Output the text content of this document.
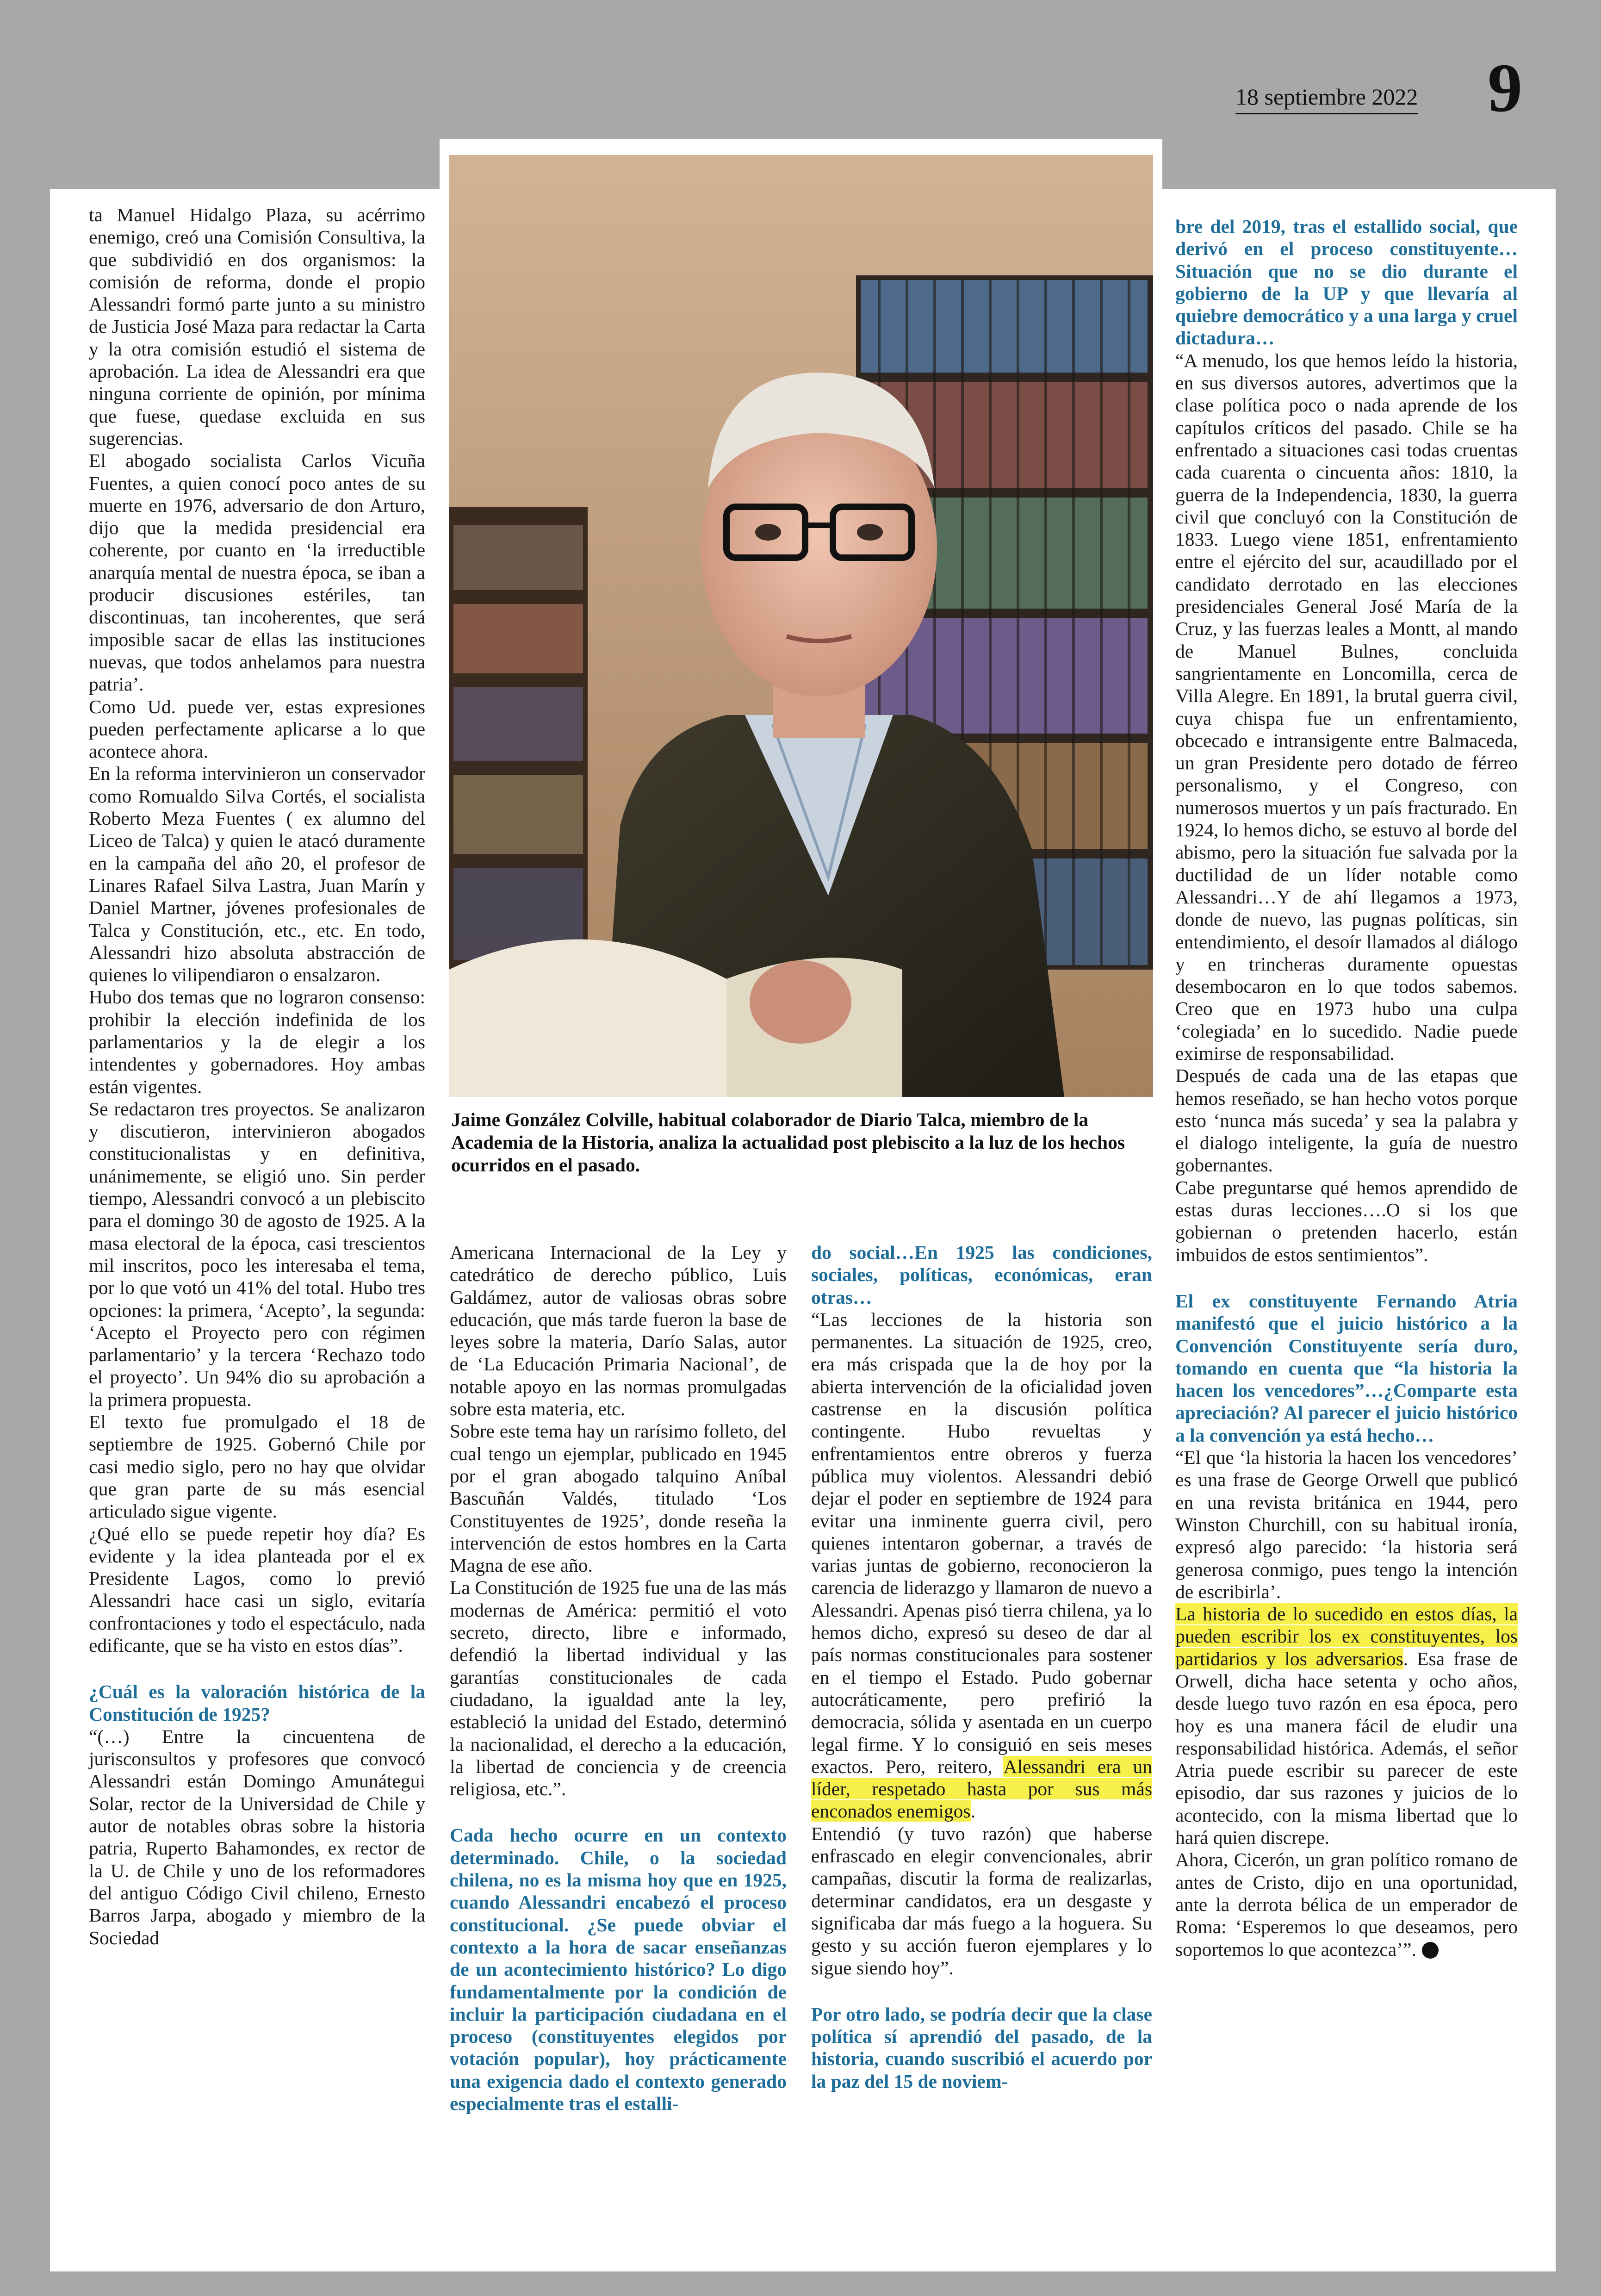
18 septiembre 2022 9
Jaime González Colville, habitual colaborador de Diario Talca, miembro de la Academia de la Historia, analiza la actualidad post plebiscito a la luz de los hechos ocurridos en el pasado.

ta Manuel Hidalgo Plaza, su acérrimo enemigo, creó una Comisión Consultiva, la que subdividió en dos organismos: la comisión de reforma, donde el propio Alessandri formó parte junto a su ministro de Justicia José Maza para redactar la Carta y la otra comisión estudió el sistema de aprobación. La idea de Alessandri era que ninguna corriente de opinión, por mínima que fuese, quedase excluida en sus sugerencias.

El abogado socialista Carlos Vicuña Fuentes, a quien conocí poco antes de su muerte en 1976, adversario de don Arturo, dijo que la medida presidencial era coherente, por cuanto en ‘la irreductible anarquía mental de nuestra época, se iban a producir discusiones estériles, tan discontinuas, tan incoherentes, que será imposible sacar de ellas las instituciones nuevas, que todos anhelamos para nuestra patria’.

Como Ud. puede ver, estas expresiones pueden perfectamente aplicarse a lo que acontece ahora.

En la reforma intervinieron un conservador como Romualdo Silva Cortés, el socialista Roberto Meza Fuentes ( ex alumno del Liceo de Talca) y quien le atacó duramente en la campaña del año 20, el profesor de Linares Rafael Silva Lastra, Juan Marín y Daniel Martner, jóvenes profesionales de Talca y Constitución, etc., etc. En todo, Alessandri hizo absoluta abstracción de quienes lo vilipendiaron o ensalzaron.

Hubo dos temas que no lograron consenso: prohibir la elección indefinida de los parlamentarios y la de elegir a los intendentes y gobernadores. Hoy ambas están vigentes.

Se redactaron tres proyectos. Se analizaron y discutieron, intervinieron abogados constitucionalistas y en definitiva, unánimemente, se eligió uno. Sin perder tiempo, Alessandri convocó a un plebiscito para el domingo 30 de agosto de 1925. A la masa electoral de la época, casi trescientos mil inscritos, poco les interesaba el tema, por lo que votó un 41% del total. Hubo tres opciones: la primera, ‘Acepto’, la segunda: ‘Acepto el Proyecto pero con régimen parlamentario’ y la tercera ‘Rechazo todo el proyecto’. Un 94% dio su aprobación a la primera propuesta.

El texto fue promulgado el 18 de septiembre de 1925. Gobernó Chile por casi medio siglo, pero no hay que olvidar que gran parte de su más esencial articulado sigue vigente.

¿Qué ello se puede repetir hoy día? Es evidente y la idea planteada por el ex Presidente Lagos, como lo previó Alessandri hace casi un siglo, evitaría confrontaciones y todo el espectáculo, nada edificante, que se ha visto en estos días”.

¿Cuál es la valoración histórica de la Constitución de 1925?

“(…) Entre la cincuentena de jurisconsultos y profesores que convocó Alessandri están Domingo Amunátegui Solar, rector de la Universidad de Chile y autor de notables obras sobre la historia patria, Ruperto Bahamondes, ex rector de la U. de Chile y uno de los reformadores del antiguo Código Civil chileno, Ernesto Barros Jarpa, abogado y miembro de la Sociedad

Americana Internacional de la Ley y catedrático de derecho público, Luis Galdámez, autor de valiosas obras sobre educación, que más tarde fueron la base de leyes sobre la materia, Darío Salas, autor de ‘La Educación Primaria Nacional’, de notable apoyo en las normas promulgadas sobre esta materia, etc.

Sobre este tema hay un rarísimo folleto, del cual tengo un ejemplar, publicado en 1945 por el gran abogado talquino Aníbal Bascuñán Valdés, titulado ‘Los Constituyentes de 1925’, donde reseña la intervención de estos hombres en la Carta Magna de ese año.

La Constitución de 1925 fue una de las más modernas de América: permitió el voto secreto, directo, libre e informado, defendió la libertad individual y las garantías constitucionales de cada ciudadano, la igualdad ante la ley, estableció la unidad del Estado, determinó la nacionalidad, el derecho a la educación, la libertad de conciencia y de creencia religiosa, etc.”.

Cada hecho ocurre en un contexto determinado. Chile, o la sociedad chilena, no es la misma hoy que en 1925, cuando Alessandri encabezó el proceso constitucional. ¿Se puede obviar el contexto a la hora de sacar enseñanzas de un acontecimiento histórico? Lo digo fundamentalmente por la condición de incluir la participación ciudadana en el proceso (constituyentes elegidos por votación popular), hoy prácticamente una exigencia dado el contexto generado especialmente tras el estalli-

do social…En 1925 las condiciones, sociales, políticas, económicas, eran otras…

“Las lecciones de la historia son permanentes. La situación de 1925, creo, era más crispada que la de hoy por la abierta intervención de la oficialidad joven castrense en la discusión política contingente. Hubo revueltas y enfrentamientos entre obreros y fuerza pública muy violentos. Alessandri debió dejar el poder en septiembre de 1924 para evitar una inminente guerra civil, pero quienes intentaron gobernar, a través de varias juntas de gobierno, reconocieron la carencia de liderazgo y llamaron de nuevo a Alessandri. Apenas pisó tierra chilena, ya lo hemos dicho, expresó su deseo de dar al país normas constitucionales para sostener en el tiempo el Estado. Pudo gobernar autocráticamente, pero prefirió la democracia, sólida y asentada en un cuerpo legal firme. Y lo consiguió en seis meses exactos. Pero, reitero, Alessandri era un líder, respetado hasta por sus más enconados enemigos.

Entendió (y tuvo razón) que haberse enfrascado en elegir convencionales, abrir campañas, discutir la forma de realizarlas, determinar candidatos, era un desgaste y significaba dar más fuego a la hoguera. Su gesto y su acción fueron ejemplares y lo sigue siendo hoy”.

Por otro lado, se podría decir que la clase política sí aprendió del pasado, de la historia, cuando suscribió el acuerdo por la paz del 15 de noviem-

bre del 2019, tras el estallido social, que derivó en el proceso constituyente…Situación que no se dio durante el gobierno de la UP y que llevaría al quiebre democrático y a una larga y cruel dictadura…

“A menudo, los que hemos leído la historia, en sus diversos autores, advertimos que la clase política poco o nada aprende de los capítulos críticos del pasado. Chile se ha enfrentado a situaciones casi todas cruentas cada cuarenta o cincuenta años: 1810, la guerra de la Independencia, 1830, la guerra civil que concluyó con la Constitución de 1833. Luego viene 1851, enfrentamiento entre el ejército del sur, acaudillado por el candidato derrotado en las elecciones presidenciales General José María de la Cruz, y las fuerzas leales a Montt, al mando de Manuel Bulnes, concluida sangrientamente en Loncomilla, cerca de Villa Alegre. En 1891, la brutal guerra civil, cuya chispa fue un enfrentamiento, obcecado e intransigente entre Balmaceda, un gran Presidente pero dotado de férreo personalismo, y el Congreso, con numerosos muertos y un país fracturado. En 1924, lo hemos dicho, se estuvo al borde del abismo, pero la situación fue salvada por la ductilidad de un líder notable como Alessandri…Y de ahí llegamos a 1973, donde de nuevo, las pugnas políticas, sin entendimiento, el desoír llamados al diálogo y en trincheras duramente opuestas desembocaron en lo que todos sabemos. Creo que en 1973 hubo una culpa ‘colegiada’ en lo sucedido. Nadie puede eximirse de responsabilidad.

Después de cada una de las etapas que hemos reseñado, se han hecho votos porque esto ‘nunca más suceda’ y sea la palabra y el dialogo inteligente, la guía de nuestro gobernantes.

Cabe preguntarse qué hemos aprendido de estas duras lecciones….O si los que gobiernan o pretenden hacerlo, están imbuidos de estos sentimientos”.

El ex constituyente Fernando Atria manifestó que el juicio histórico a la Convención Constituyente sería duro, tomando en cuenta que “la historia la hacen los vencedores”…¿Comparte esta apreciación? Al parecer el juicio histórico a la convención ya está hecho…

“El que ‘la historia la hacen los vencedores’ es una frase de George Orwell que publicó en una revista británica en 1944, pero Winston Churchill, con su habitual ironía, expresó algo parecido: ‘la historia será generosa conmigo, pues tengo la intención de escribirla’.

La historia de lo sucedido en estos días, la pueden escribir los ex constituyentes, los partidarios y los adversarios. Esa frase de Orwell, dicha hace setenta y ocho años, desde luego tuvo razón en esa época, pero hoy es una manera fácil de eludir una responsabilidad histórica. Además, el señor Atria puede escribir su parecer de este episodio, dar sus razones y juicios de lo acontecido, con la misma libertad que lo hará quien discrepe.

Ahora, Cicerón, un gran político romano de antes de Cristo, dijo en una oportunidad, ante la derrota bélica de un emperador de Roma: ‘Esperemos lo que deseamos, pero soportemos lo que acontezca’”.
